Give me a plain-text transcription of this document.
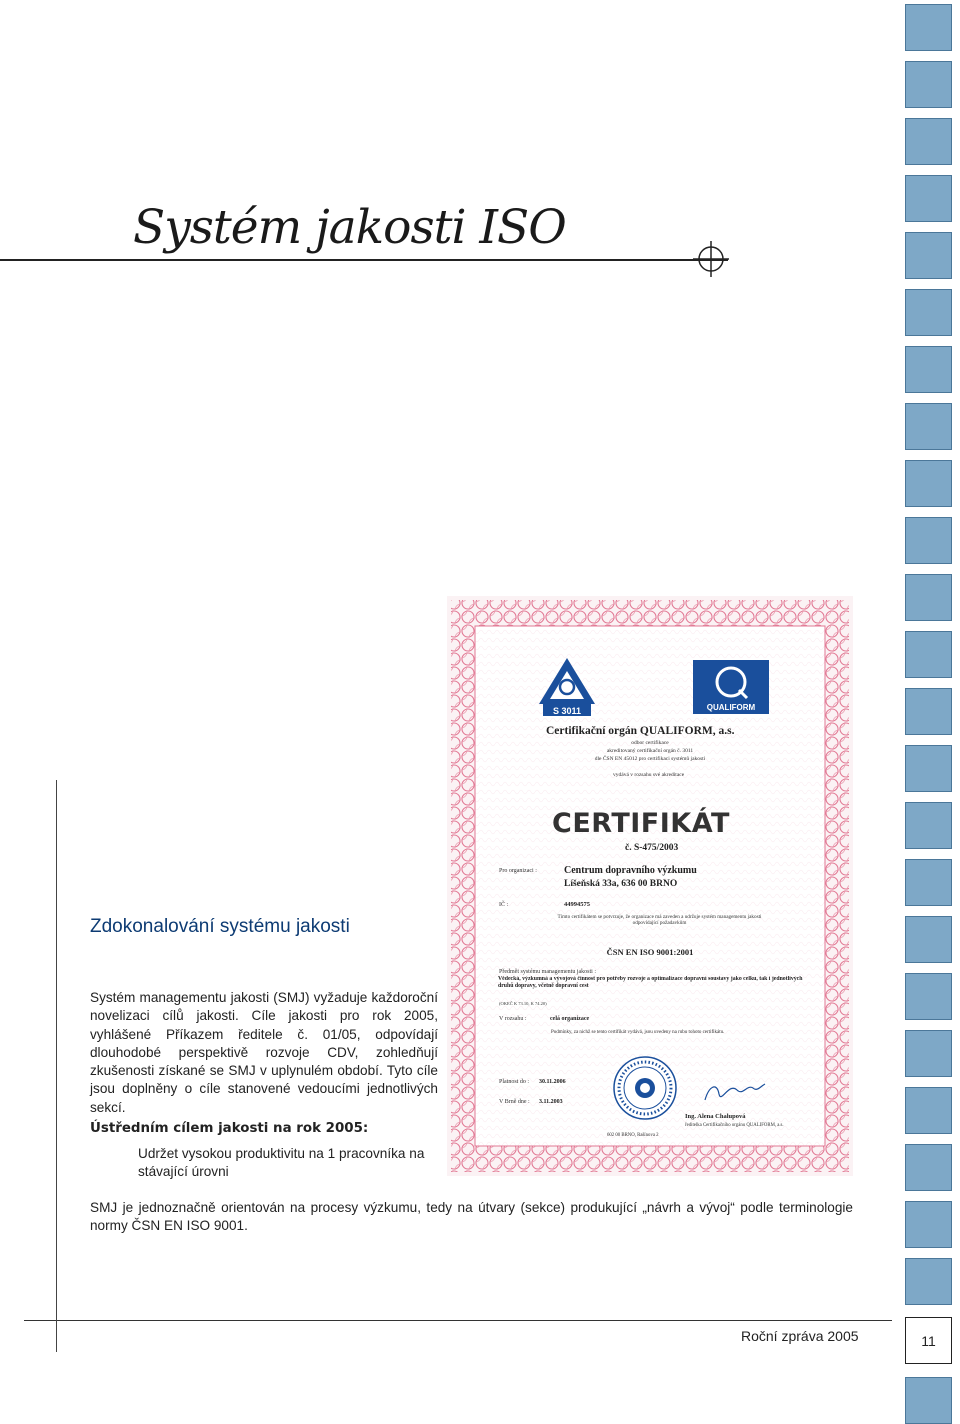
Systém jakosti ISO
Zdokonalování systému jakosti

Systém managementu jakosti (SMJ) vyžaduje každoroční novelizaci cílů jakosti. Cíle jakosti pro rok 2005, vyhlášené Příkazem ředitele č. 01/05, odpovídají dlouhodobé perspektivě rozvoje CDV, zohledňují zkušenosti získané se SMJ v uplynulém období. Tyto cíle jsou doplněny o cíle stanovené vedoucími jednotlivých sekcí.

Ústředním cílem jakosti na rok 2005:

Udržet vysokou produktivitu na 1 pracovníka na stávající úrovni

SMJ je jednoznačně orientován na procesy výzkumu, tedy na útvary (sekce) produkující „návrh a vývoj“ podle terminologie normy ČSN EN ISO 9001.

S 3011	QUALIFORM
Certifikační orgán QUALIFORM, a.s.
odbor certifikace
akreditovaný certifikační orgán č. 3011
dle ČSN EN 45012 pro certifikaci systémů jakosti
vydává v rozsahu své akreditace
CERTIFIKÁT
č. S-475/2003
Pro organizaci :	Centrum dopravního výzkumu
Líšeňská 33a, 636 00 BRNO
IČ :	44994575
Tímto certifikátem se potvrzuje, že organizace má zaveden a udržuje systém managementu jakosti odpovídající požadavkům
ČSN EN ISO 9001:2001
Předmět systému managementu jakosti :
Vědecká, výzkumná a vývojová činnost pro potřeby rozvoje a optimalizace dopravní soustavy jako celku, tak i jednotlivých druhů dopravy, včetně dopravní cest
(OKEČ K 73.10, K 74.20)
V rozsahu :	celá organizace
Podmínky, za nichž se tento certifikát vydává, jsou uvedeny na rubu tohoto certifikátu.
Platnost do : 30.11.2006
V Brně dne : 3.11.2003
Ing. Alena Chalupová
ředitelka Certifikačního orgánu QUALIFORM, a.s.
602 00 BRNO, Rašínova 2
Roční zpráva 2005	11
